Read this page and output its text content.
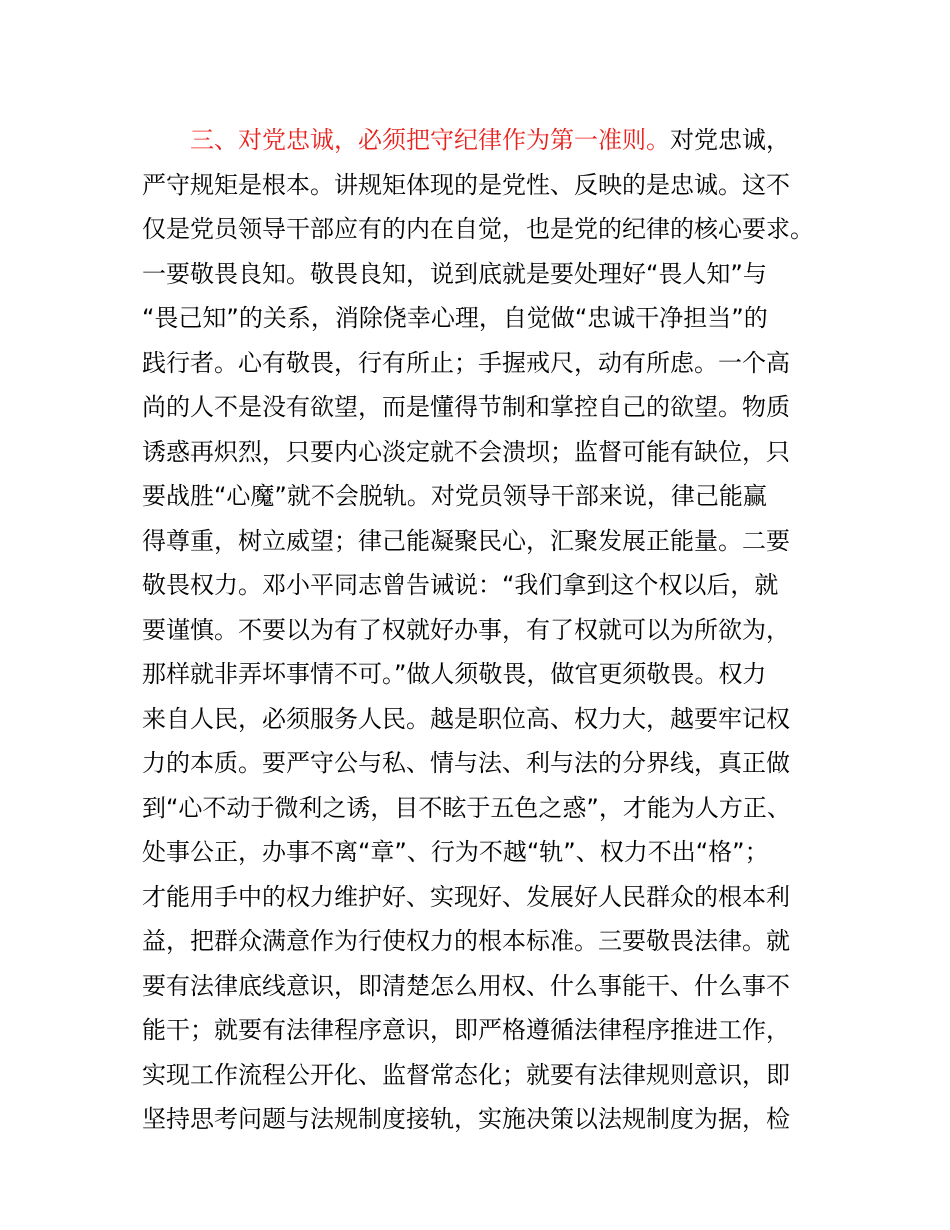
三、对党忠诚，必须把守纪律作为第一准则。对党忠诚，
严守规矩是根本。讲规矩体现的是党性、反映的是忠诚。这不
仅是党员领导干部应有的内在自觉，也是党的纪律的核心要求。
一要敬畏良知。敬畏良知，说到底就是要处理好“畏人知”与
“畏己知”的关系，消除侥幸心理，自觉做“忠诚干净担当”的
践行者。心有敬畏，行有所止；手握戒尺，动有所虑。一个高
尚的人不是没有欲望，而是懂得节制和掌控自己的欲望。物质
诱惑再炽烈，只要内心淡定就不会溃坝；监督可能有缺位，只
要战胜“心魔”就不会脱轨。对党员领导干部来说，律己能赢
得尊重，树立威望；律己能凝聚民心，汇聚发展正能量。二要
敬畏权力。邓小平同志曾告诫说：“我们拿到这个权以后，就
要谨慎。不要以为有了权就好办事，有了权就可以为所欲为，
那样就非弄坏事情不可。”做人须敬畏，做官更须敬畏。权力
来自人民，必须服务人民。越是职位高、权力大，越要牢记权
力的本质。要严守公与私、情与法、利与法的分界线，真正做
到“心不动于微利之诱，目不眩于五色之惑”，才能为人方正、
处事公正，办事不离“章”、行为不越“轨”、权力不出“格”；
才能用手中的权力维护好、实现好、发展好人民群众的根本利
益，把群众满意作为行使权力的根本标准。三要敬畏法律。就
要有法律底线意识，即清楚怎么用权、什么事能干、什么事不
能干；就要有法律程序意识，即严格遵循法律程序推进工作，
实现工作流程公开化、监督常态化；就要有法律规则意识，即
坚持思考问题与法规制度接轨，实施决策以法规制度为据，检
